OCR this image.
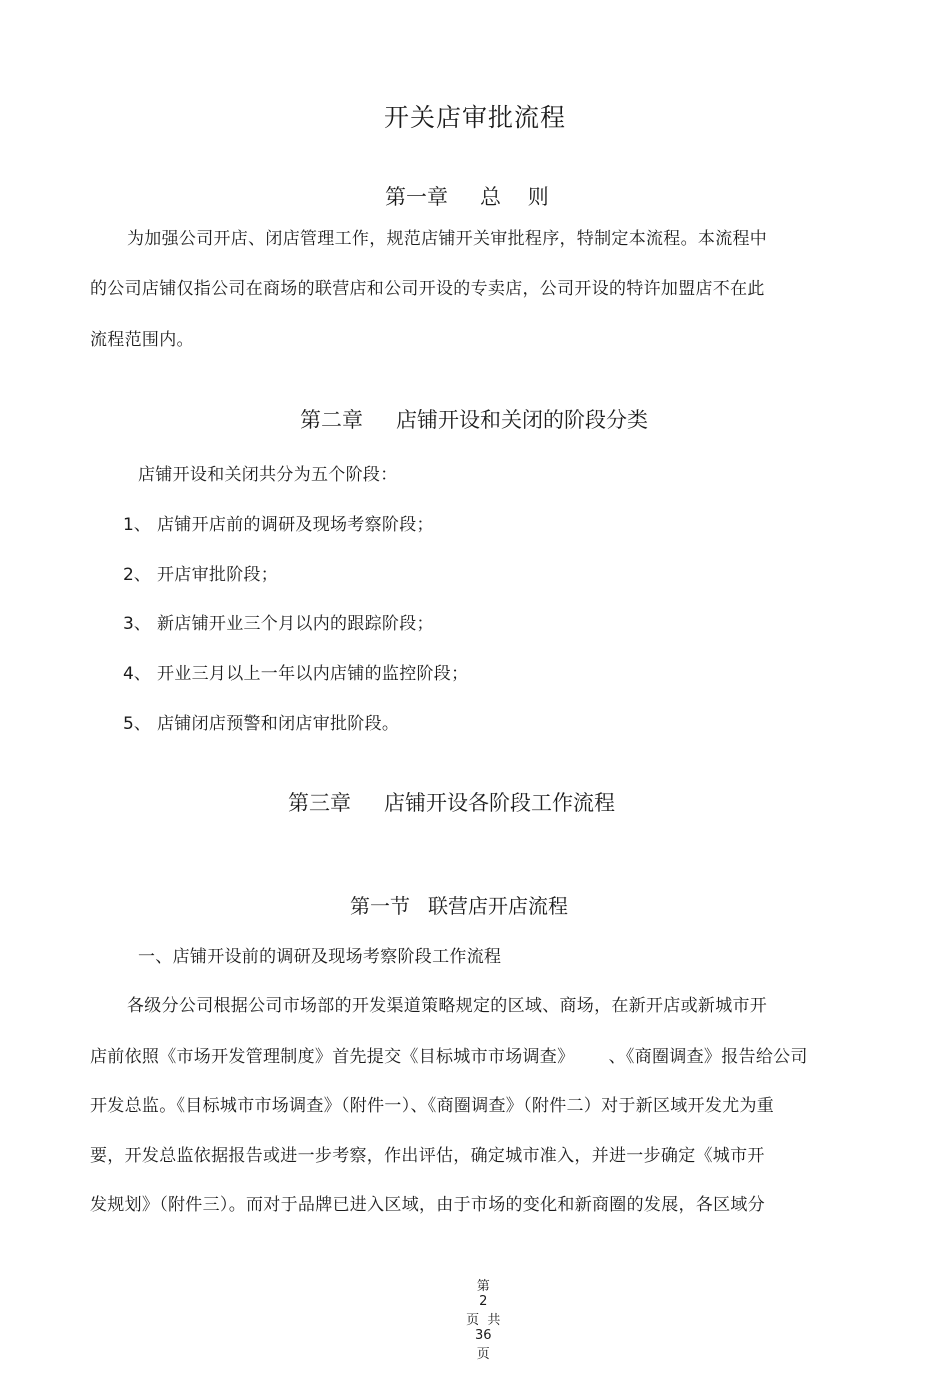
开关店审批流程
第一章 总    则
为加强公司开店、闭店管理工作，规范店铺开关审批程序，特制定本流程。本流程中
的公司店铺仅指公司在商场的联营店和公司开设的专卖店，公司开设的特许加盟店不在此
流程范围内。
第二章 店铺开设和关闭的阶段分类
店铺开设和关闭共分为五个阶段：
1、 店铺开店前的调研及现场考察阶段；
2、 开店审批阶段；
3、 新店铺开业三个月以内的跟踪阶段；
4、 开业三月以上一年以内店铺的监控阶段；
5、 店铺闭店预警和闭店审批阶段。
第三章 店铺开设各阶段工作流程
第一节 联营店开店流程
一、店铺开设前的调研及现场考察阶段工作流程
各级分公司根据公司市场部的开发渠道策略规定的区域、商场，在新开店或新城市开
店前依照《市场开发管理制度》首先提交《目标城市市场调查》      、《商圈调查》报告给公司
开发总监。《目标城市市场调查》（附件一）、《商圈调查》（附件二）对于新区域开发尤为重
要，开发总监依据报告或进一步考察，作出评估，确定城市准入，并进一步确定《城市开
发规划》（附件三）。而对于品牌已进入区域，由于市场的变化和新商圈的发展，各区域分

第
2
页  共
36
页
